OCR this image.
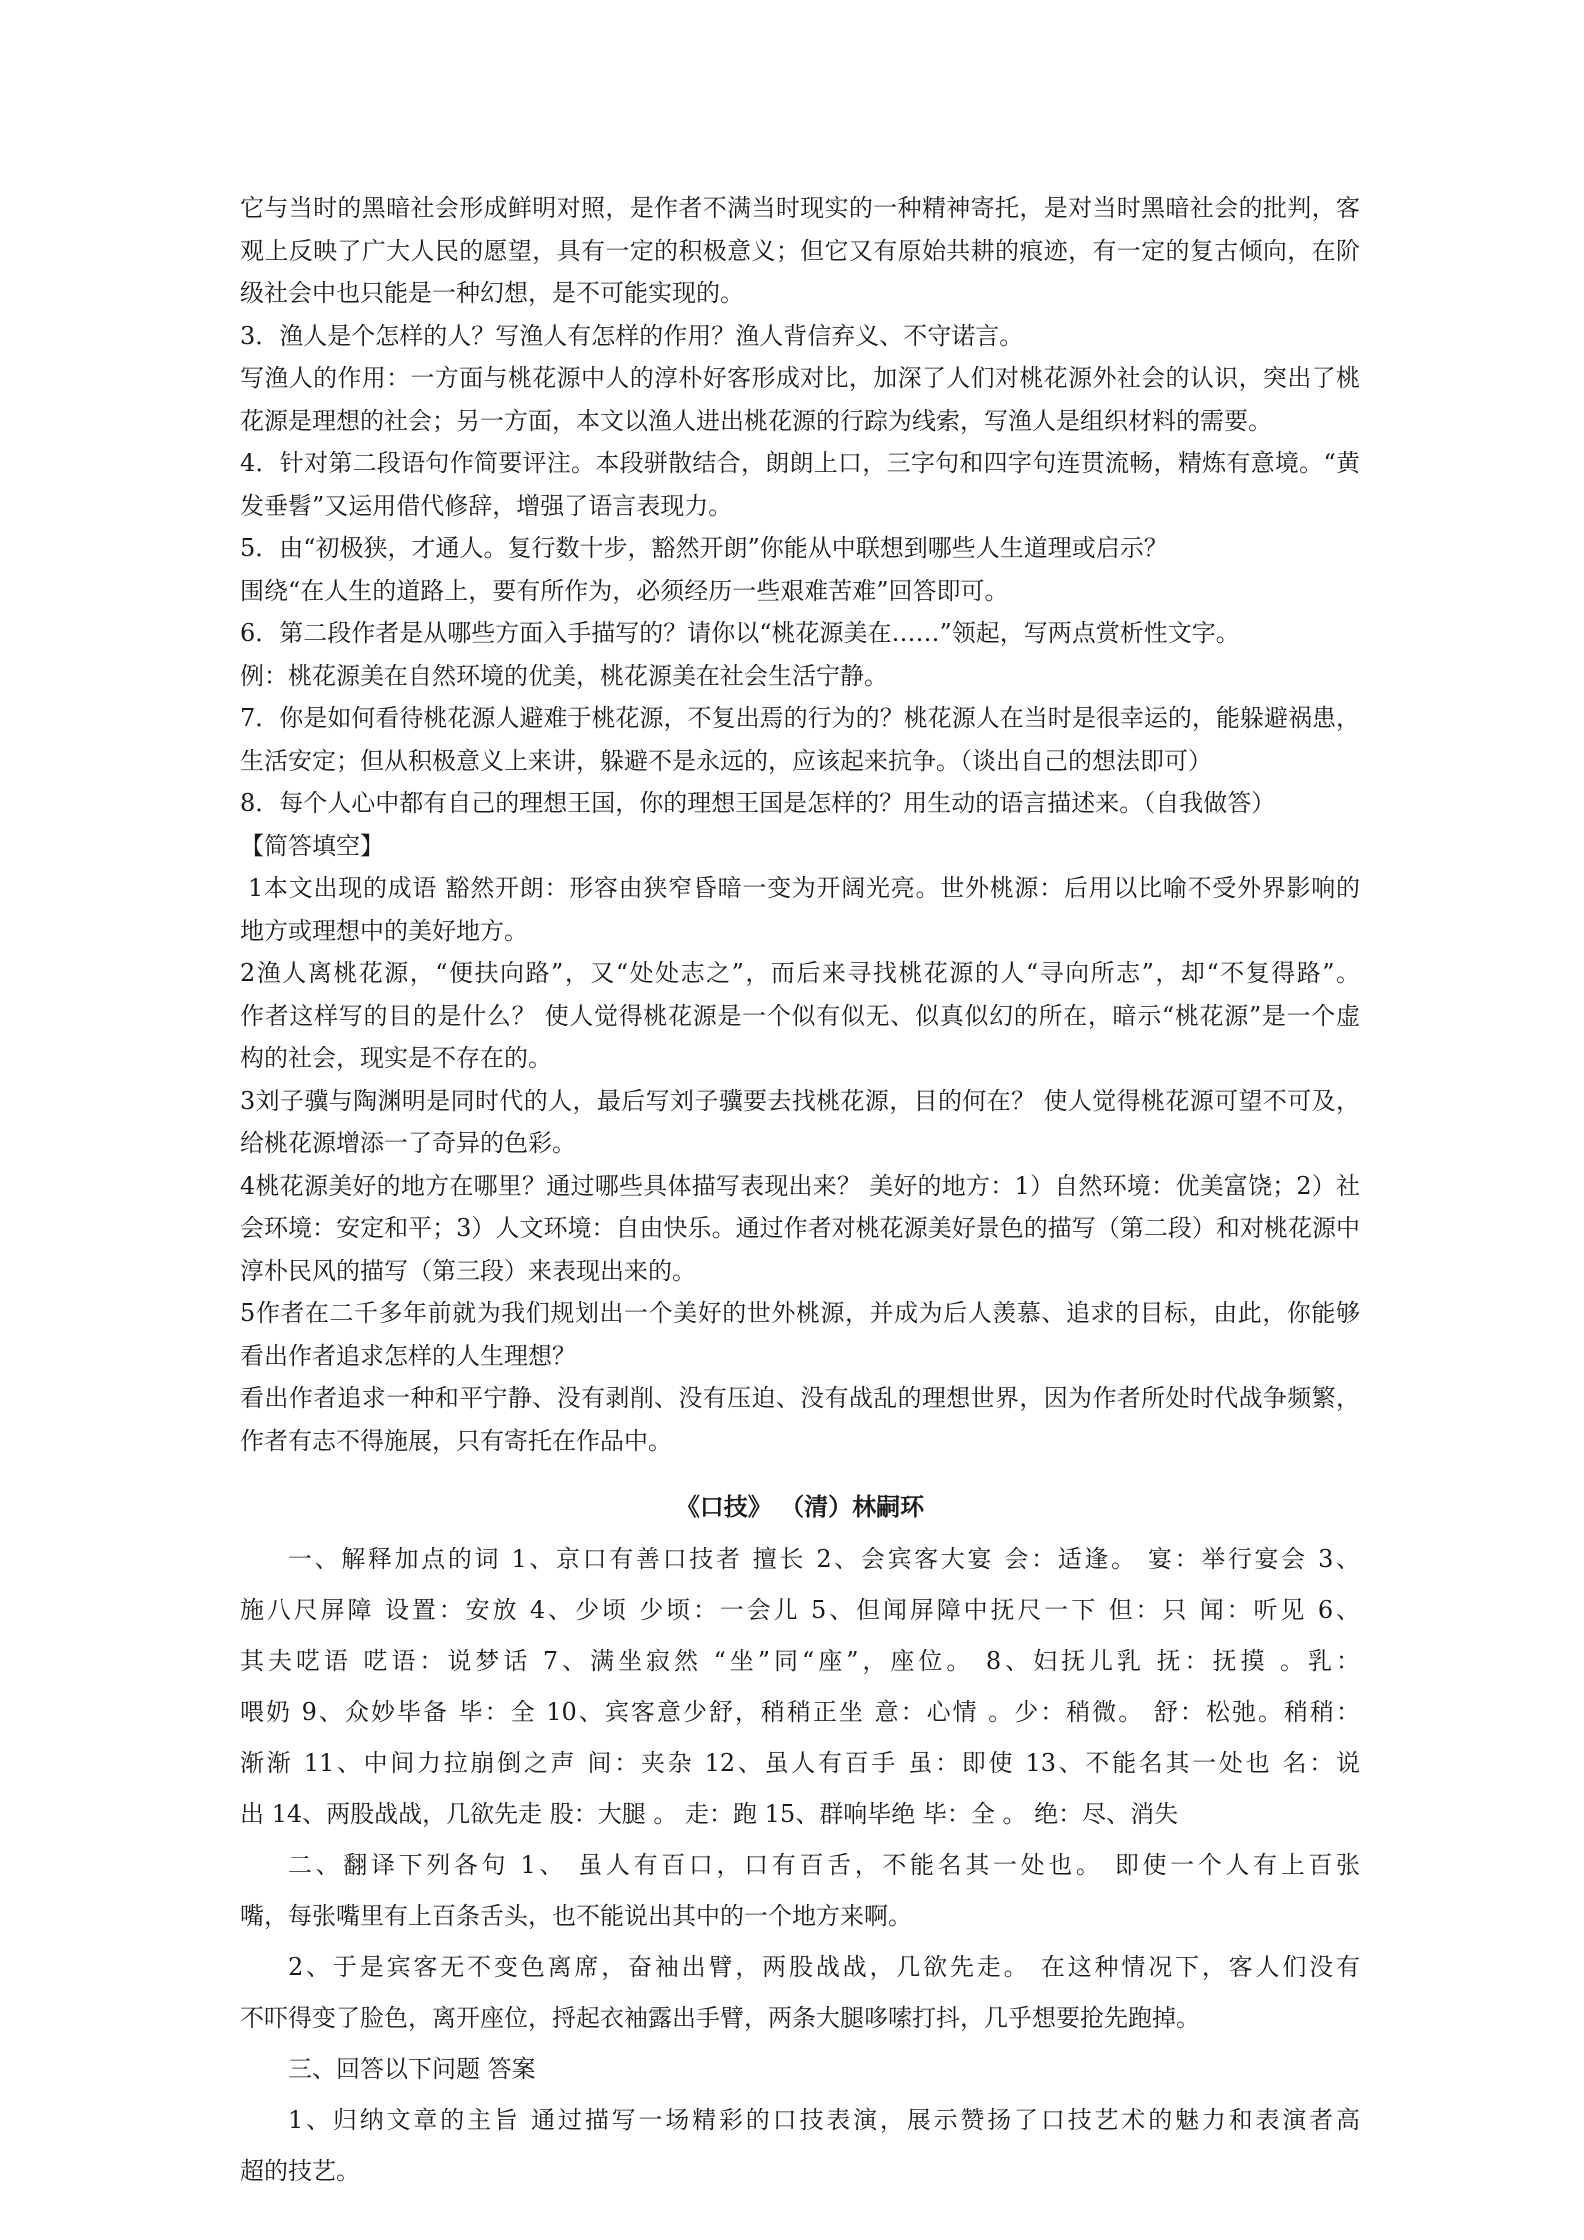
它与当时的黑暗社会形成鲜明对照，是作者不满当时现实的一种精神寄托，是对当时黑暗社会的批判，客
观上反映了广大人民的愿望，具有一定的积极意义；但它又有原始共耕的痕迹，有一定的复古倾向，在阶
级社会中也只能是一种幻想，是不可能实现的。
3．渔人是个怎样的人？写渔人有怎样的作用？渔人背信弃义、不守诺言。
写渔人的作用：一方面与桃花源中人的淳朴好客形成对比，加深了人们对桃花源外社会的认识，突出了桃
花源是理想的社会；另一方面，本文以渔人进出桃花源的行踪为线索，写渔人是组织材料的需要。
4．针对第二段语句作简要评注。本段骈散结合，朗朗上口，三字句和四字句连贯流畅，精炼有意境。“黄
发垂髫”又运用借代修辞，增强了语言表现力。
5．由“初极狭，才通人。复行数十步，豁然开朗”你能从中联想到哪些人生道理或启示？
围绕“在人生的道路上，要有所作为，必须经历一些艰难苦难”回答即可。
6．第二段作者是从哪些方面入手描写的？请你以“桃花源美在……”领起，写两点赏析性文字。
例：桃花源美在自然环境的优美，桃花源美在社会生活宁静。
7．你是如何看待桃花源人避难于桃花源，不复出焉的行为的？桃花源人在当时是很幸运的，能躲避祸患，
生活安定；但从积极意义上来讲，躲避不是永远的，应该起来抗争。（谈出自己的想法即可）
8．每个人心中都有自己的理想王国，你的理想王国是怎样的？用生动的语言描述来。（自我做答）
【简答填空】
1本文出现的成语 豁然开朗：形容由狭窄昏暗一变为开阔光亮。世外桃源：后用以比喻不受外界影响的
地方或理想中的美好地方。
2渔人离桃花源，“便扶向路”，又“处处志之”，而后来寻找桃花源的人“寻向所志”，却“不复得路”。
作者这样写的目的是什么？ 使人觉得桃花源是一个似有似无、似真似幻的所在，暗示“桃花源”是一个虚
构的社会，现实是不存在的。
3刘子骥与陶渊明是同时代的人，最后写刘子骥要去找桃花源，目的何在？ 使人觉得桃花源可望不可及，
给桃花源增添一了奇异的色彩。
4桃花源美好的地方在哪里？通过哪些具体描写表现出来？ 美好的地方：1）自然环境：优美富饶；2）社
会环境：安定和平；3）人文环境：自由快乐。通过作者对桃花源美好景色的描写（第二段）和对桃花源中
淳朴民风的描写（第三段）来表现出来的。
5作者在二千多年前就为我们规划出一个美好的世外桃源，并成为后人羡慕、追求的目标，由此，你能够
看出作者追求怎样的人生理想？
看出作者追求一种和平宁静、没有剥削、没有压迫、没有战乱的理想世界，因为作者所处时代战争频繁，
作者有志不得施展，只有寄托在作品中。
《口技》 （清）林嗣环
一、解释加点的词 1、京口有善口技者 擅长 2、会宾客大宴 会：适逢。 宴：举行宴会 3、
施八尺屏障 设置：安放 4、少顷 少顷：一会儿 5、但闻屏障中抚尺一下 但：只 闻：听见 6、
其夫呓语 呓语：说梦话 7、满坐寂然 “坐”同“座”，座位。 8、妇抚儿乳 抚：抚摸 。乳：
喂奶 9、众妙毕备 毕：全 10、宾客意少舒，稍稍正坐 意：心情 。少：稍微。 舒：松弛。稍稍：
渐渐 11、中间力拉崩倒之声 间：夹杂 12、虽人有百手 虽：即使 13、不能名其一处也 名：说
出 14、两股战战，几欲先走 股：大腿 。 走：跑 15、群响毕绝 毕：全 。 绝：尽、消失
二、翻译下列各句 1、 虽人有百口，口有百舌，不能名其一处也。 即使一个人有上百张
嘴，每张嘴里有上百条舌头，也不能说出其中的一个地方来啊。
2、于是宾客无不变色离席，奋袖出臂，两股战战，几欲先走。 在这种情况下，客人们没有
不吓得变了脸色，离开座位，捋起衣袖露出手臂，两条大腿哆嗦打抖，几乎想要抢先跑掉。
三、回答以下问题 答案
1、归纳文章的主旨 通过描写一场精彩的口技表演，展示赞扬了口技艺术的魅力和表演者高
超的技艺。
